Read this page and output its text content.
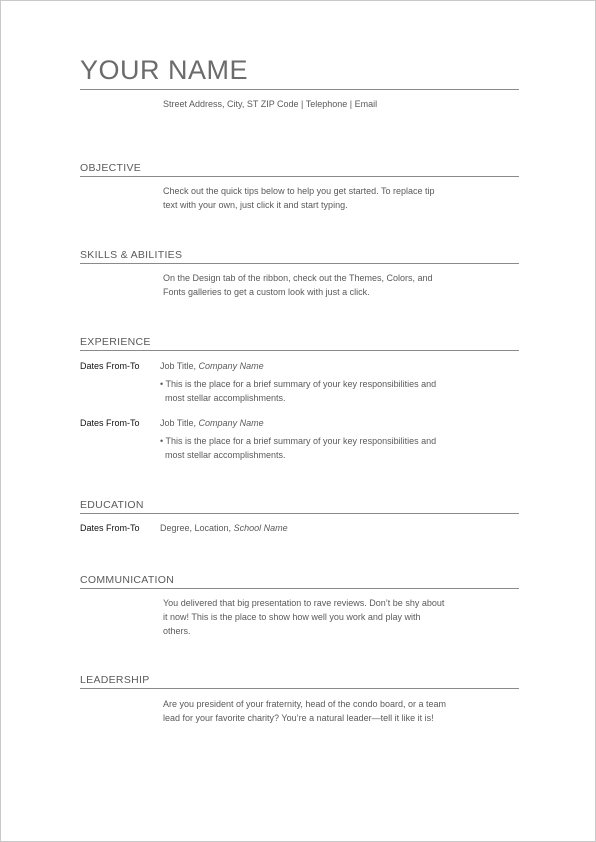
YOUR NAME
Street Address, City, ST ZIP Code | Telephone | Email
OBJECTIVE
Check out the quick tips below to help you get started. To replace tip
text with your own, just click it and start typing.
SKILLS & ABILITIES
On the Design tab of the ribbon, check out the Themes, Colors, and
Fonts galleries to get a custom look with just a click.
EXPERIENCE
Dates From-To Job Title, Company Name
• This is the place for a brief summary of your key responsibilities and
most stellar accomplishments.
Dates From-To Job Title, Company Name
• This is the place for a brief summary of your key responsibilities and
most stellar accomplishments.
EDUCATION
Dates From-To Degree, Location, School Name
COMMUNICATION
You delivered that big presentation to rave reviews. Don’t be shy about
it now! This is the place to show how well you work and play with
others.
LEADERSHIP
Are you president of your fraternity, head of the condo board, or a team
lead for your favorite charity? You’re a natural leader—tell it like it is!
